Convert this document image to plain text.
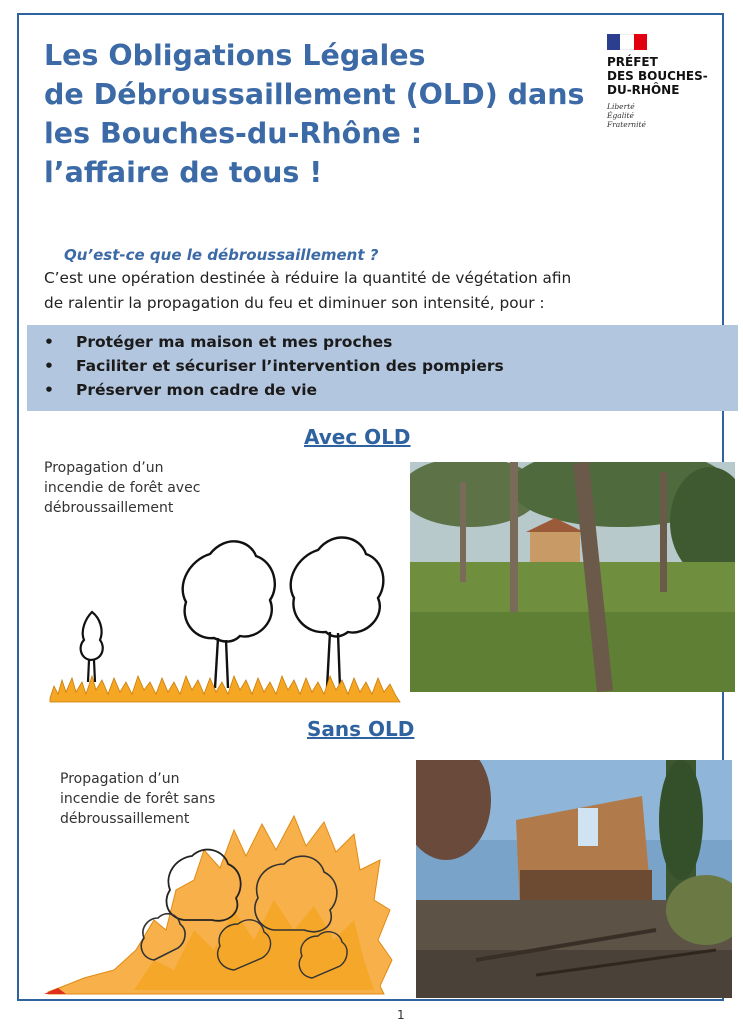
Les Obligations Légales
de Débroussaillement (OLD) dans
les Bouches-du-Rhône :
l’affaire de tous !
PRÉFET
DES BOUCHES-
DU-RHÔNE
Liberté
Égalité
Fraternité
Qu’est-ce que le débroussaillement ?
C’est une opération destinée à réduire la quantité de végétation afin
de ralentir la propagation du feu et diminuer son intensité, pour :
• Protéger ma maison et mes proches
• Faciliter et sécuriser l’intervention des pompiers
• Préserver mon cadre de vie
Avec OLD
Propagation d’un
incendie de forêt avec
débroussaillement
Sans OLD
Propagation d’un
incendie de forêt sans
débroussaillement
1
